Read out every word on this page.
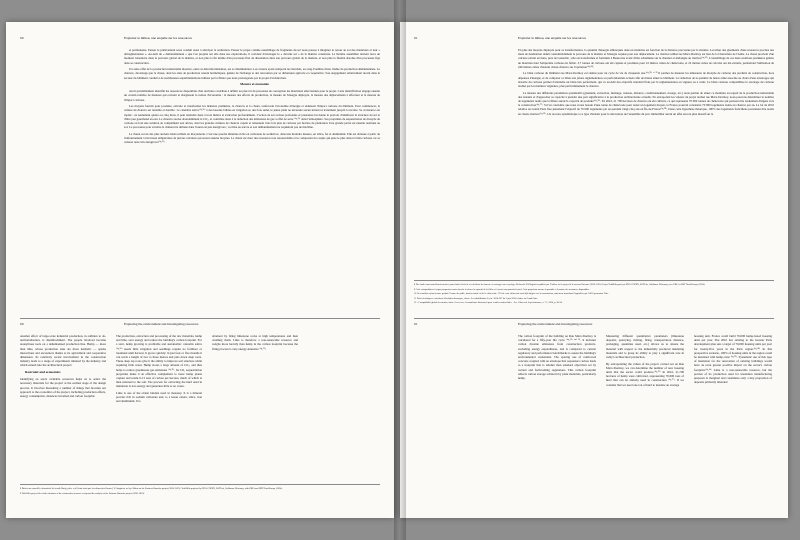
90	Exploiter le milieu, une enquête sur les ressources

et permanente. Penser le prélèvement nous conduit aussi à anticiper la restitution. Penser le projet comme assemblage de fragments du sol nous pousse à imaginer le retour au sol des matériaux et leur « détragmentation ». Au-delà du « démantèlement » que l'on projette sur elle dans nos explorations, il convient d'envisager le « devenir sol » de la matière construite. La matière assemblée devient alors un moment transitoire dans le parcours global de la matière, et non plus la fin ultime d'un processus flux de dissolution dans son parcours global de la matière, et non plus la finalité absolue d'un processus figé dans sa construction.

Un autre effet de la production industrielle massive, outre sa déterritorialisation, est sa dissimulation. Les acteurs ayant remporté les marchés, au rang d'oubliés d'une chaîne de production déshumanisée. Le chanvre, davantage que la chaux, dont les sites de production restent hermétiques, génère de l'échange et des rencontres par sa dimension agricole et coopérative. Son engagement relativement récent dans le secteur du bâtiment conduit à de nombreuses expérimentations initiées par la filière que nous prolongeons par le projet d'architecture.

Mesure et économie

Avoir préalablement identifié les ressources disponibles d'un territoire contribue à définir au plus tôt du processus de conception les matériaux sélectionnés pour le projet. Cette identification engage ensuite un certain nombre de mesures qui ouvrent et élargissent la notion d'économie : la mesure des efforts de production, la mesure de l'énergie déployée, la mesure des déplacements à effectuer et la mesure de l'impact carbone.

Les moyens fournis pour produire, extraire et transformer les matières premières, le chanvre et la chaux, renforcent l'économie d'énergie et réduisent l'impact carbone du bâtiment. Pour commencer, la culture du chanvre est rentable et durable : le cannabis sativa⁽ᶠᶦᵍ.²⁰⁾ à des besoins faibles en irrigation et, une fois semé, le jeune plant ne nécessite aucun intrant ni traitement jusqu'à la récolte. Sa croissance est rapide : en seulement quatre ou cinq mois, il peut atteindre deux à trois mètres et s'enracine profondément. L'action de ses racines profondes et prestantes lui donne le pouvoir d'améliorer la structure du sol et d'être peu gourmand en eau. Le chanvre stocke abondamment le CO₂, et contribue ainsi à la réduction des émissions de gaz à effet de serre ⁽ᶠᶦᵍ.²¹⁾ dans l'atmosphère. Ses propriétés de séquestration de dioxyde de carbone en font une solution de complément aux arbres, dont les grandes cultures de chanvre capent et retiennent trois fois plus de carbone par hectare de plantation. Une grande partie est ensuite restituée au sol. Le processus pour extraire la chènevotte utilisée dans l'ouest est peu énergivore ; sa mise en œuvre et son démantèlement ne requièrent pas de machine.

La chaux est un des plus anciens liants utilisés en maçonnerie. C'est une poudre minérale riche en carbonate de sodium et, dans une moindre mesure, en silice, fer et aluminium. Elle est obtenue à partir de l'enfournement à très haute température de pierres calcaires qui seront ensuite broyées. La chaux est donc une ressource non renouvelable et le composant du couple qui pèse le plus dans le bilan carbone car sa cuisson reste très énergivore⁽ᶠᶦᵍ.²²⁾.

90	Exploring the environment and investigating resources

Another effect of large-scale industrial production, in addition to de-territorialisation, is disembodiment. The people involved become anonymous tools on a dehumanised production line. Hemp — more than lime, whose production sites are more hermetic — sparks interactions and encounters thanks to its agricultural and cooperative dimension. Its relatively recent involvement in the construction industry leads to a range of experiments initiated by the industry and which extend into the architectural project.

Restraint and economics

Identifying an area's available resources helps us to select the necessary materials for the project at the earliest stage of the design process. It involves measuring a number of things that broaden our approach to the economics of the project, including production efforts, energy consumption, distances travelled and carbon footprint.

The production, extraction and processing of the raw materials, hemp and lime, save energy and reduce the building's carbon footprint. For a start, hemp growing is profitable and sustainable: cannabis sativa ⁽ᶠᶦᵍ.²⁰⁾ needs little irrigation and seedlings require no fertiliser or treatment until harvest. It grows quickly: in just four or five months it can reach a height of two to three metres and puts down deep roots. These deep tap roots give it the ability to improve soil structure while requiring little water. Hemp stores a large amount of CO₂, and thus helps to reduce greenhouse gas emissions ⁽ᶠᶦᵍ.²¹⁾. Its CO₂ sequestration properties make it an effective complement to trees: hemp plants capture and retain 9-13 tons of carbon per hectare, much of which is then returned to the soil. The process for extracting the hurd used in insulation is low-energy and generates little to no waste.

Lime is one of the oldest binders used in masonry. It is a mineral powder rich in sodium carbonate and, to a lesser extent, silica, iron and aluminium. It is

obtained by firing limestone rocks at high temperatures and then crushing them. Lime is therefore a non-renewable resource and weighs more heavily than hemp in the carbon footprint because the firing process is very energy-intensive ⁽ᶠᶦᵍ.²²⁾.

8 Études ans conseillé exhaustivité de benoît-Hardy, pièce et à l'étude ainsi que des démarches Roussel, L'Attagnèsse ne lay: Mainz on the Eastness Barracks project (2020–2025). Yoki.Bilis projectsi by PRO-CODEN, BATLab, Guillaume Delannoy, with EKIA and IMT Nord-Europe (2024).

9 Yoki.Bilis project & co-lab evaluation of the construction resource set-up and the analysis of the Estienne Barracks project (2020–2025).

91	Exploiter le milieu, une enquête sur les ressources

En plus des moyens déployés pour sa transformation, la quantité d'énergie embarquée dans un matériau est fonction de la distance parcourue par la matière. Localiser des gisements d'une ressource proches des lieux de destination réduit considérablement le parcours de la matière et l'énergie requise pour son déplacement. Le chanvre utilisé rue Marx-Dormoy est issu de la Chanvrière de l'Aube. La chaux provient d'un calcaire extrait en Isère, près de Grenoble ; elle est transformée et formulée à Beaucaire avant d'être acheminée sur le chantier et mélangée au chanvre⁽ᶠᶦᵍ.²³⁾. L'assemblage de ces deux éositions premières génère un matériau dont l'empreinte carbone est faible. 3,7 tonnes de carbone ont été captées et produites pour 22 mètres cubes de chènevotte, et 22 mètres cubes de calcaire ont été extraits, permettant l'utilisation de 240 mètres cubes d'isolant chaux-chanvre sur l'opération⁽ᶠᶦᵍ.²⁴⁾.

Le bilan carbone du bâtiment rue Marx-Dormoy est réalisé pour un cycle de vie de cinquante ans.⁽ᶠᶦᵍ.²⁵⁾ ᵉᵗ ²⁶ Il permet de mesurer les émissions de dioxyde de carbone des produits de construction, hors dépenses d'énergie, et de comparer ce bilan aux jalons réglementaires ou performantiels actuels afin de mieux situer le bâtiment. La réduction de la quantité de béton armé associée au choix d'une enveloppe qui absorbe du carbone permet d'atteindre un bilan très performant, qui va au-delà des objectifs standard fixés par la réglementation en vigueur ou à venir. Ce bilan carbone comptabilise le stockage du carbone réalisé par les matières végétales, plus particulièrement le chanvre.

La mesure des différents paramètres quantitatifs (gisement, extraction, mélange, cuisson, distance, conditionnement, dosage, etc.) nous permet de situer ce matériau au regard de la production industrielle des isolants et d'approcher sa capacité à prendre une part significative à la production architecturale actuelle. En extrapolant les valeurs du projet réalisé rue Marx-Dormoy, nous pouvons déterminer le nombre de logements neufs que la filière aurait la capacité de produire⁽ᶠᶦᵍ.²⁶⁾. En 2022, 21 700 hectares de chanvre ont été cultivés, ce qui représente 70 000 tonnes de chènevotte qui peuvent être totalement dirigées vers la construction⁽ᶠᶦᵍ.²⁷⁾. Si l'on considère que nous avons besoin d'une tonne de chènevotte pour isoler un logement moyen, la France pourrait construire 70 000 logements isolés en chanvre par an. La loi de 2010 relative au Grand Paris fixe justement l'objectif de 70 000 logements par an pendant vingt-cinq ans en Île-de-France⁽ᶠᶦᵍ.²⁸⁾. Dans cette hypothèse théorique, 100% des logements franciliens pourraient être isolés en chaux-chanvre⁽ᶠᶦᵍ.²⁹⁾. Un recours systématique à ce type d'isolant pour la rénovation de l'ensemble du parc immobilier aurait un effet encore plus massif sur la

8 Des études sont actuellement menées pour étudier la fin de vie du béton de chanvre et envisager son recyclage. Recherche LM Ingénieur publiée par l'Adème sur le projet de la caserne Estienne (2020–2025). Projet YokiBilis porté par PRO-CODEN, BATLab, Guillaume Delannoy, avec EKIA et IMT Nord-Europe (2024).

9 Cette extrapolation n'est pas prospective mais cherche à colorer la capacité de la filière et à ouvrir son potentiel actuel. Cette projection mesure la quantité et la nature des ressources disponibles.

10 On considère qu'un hectare produit 7 tonnes de paille, dont la moitié est de la chènevotte. 21% de cette chènevotte sont déjà dirigés vers la construction, mais nous formulons l'hypothèse que 100% pourraient l'être.

11 Fiches techniques : matériaux d'isolation thermique, chaux : La réhabilitation. Loi n° 2010-597 du 3 juin 2010 relative au Grand Paris.

12 « Compatibilité global des surfaces dans « lever avec les matériaux biosourcés pour ventiler confort bâti » : Les Cahiers de la performance, n° 71, 2020, p. 30-34.

91	Exploring the environment and investigating resources

The carbon footprint of the building on Rue Marx-Dormoy is calculated for a fifty-year life cycle ⁽ᶠᶦᵍ.²⁵⁾ ᵃⁿᵈ ²⁶. It includes carbon dioxide emissions from construction products, excluding energy expenditures, and is compared to current regulatory and performance benchmarks to assess the building's environmental credentials. The sparing use of reinforced concrete coupled with an envelope that sequesters carbon leads to a footprint that is smaller than standard objectives set by current and forthcoming regulations. This carbon footprint reflects carbon storage achieved by plant materials, particularly hemp.

Measuring different quantitative parameters (limestone deposits, quarrying, mixing, firing, transportation distance, packaging, quantities used, etc.) allows us to situate the material with respect to the industrially produced insulating materials and to grasp its ability to play a significant role in today's architectural production.

By extrapolating the values of the project carried out on Rue Marx-Dormoy, we can determine the number of new housing units that the sector could produce.⁽ᶠᶦᵍ.²⁶⁾ In 2022, 21,700 hectares of hemp were cultivated, representing 70,000 tons of hurd that can be entirely used in construction ⁽ᶠᶦᵍ.²⁷⁾. If we consider that we need one ton of hurd to insulate an average

housing unit, France could build 70,000 hemp-based housing units per year. The 2010 law relating to the Greater Paris development plan sets a target of 70,000 housing units per year for twenty-five years in the Paris region.⁽ᶠᶦᵍ.²⁸⁾ In this prospective scenario, 100% of housing units in the region could be insulated with hemp-crete ⁽ᶠᶦᵍ.²⁹⁾. Systematic use of this type of insulation for the renovation of existing buildings would have an even greater positive impact on the sector's carbon footprint.⁽ᶠᶦᵍ.³⁰⁾ Lime is a non-renewable resource, but the portion of its production used for insulation manufacturing purposes is marginal and constitutes only a tiny proportion of deposits primarily intended
